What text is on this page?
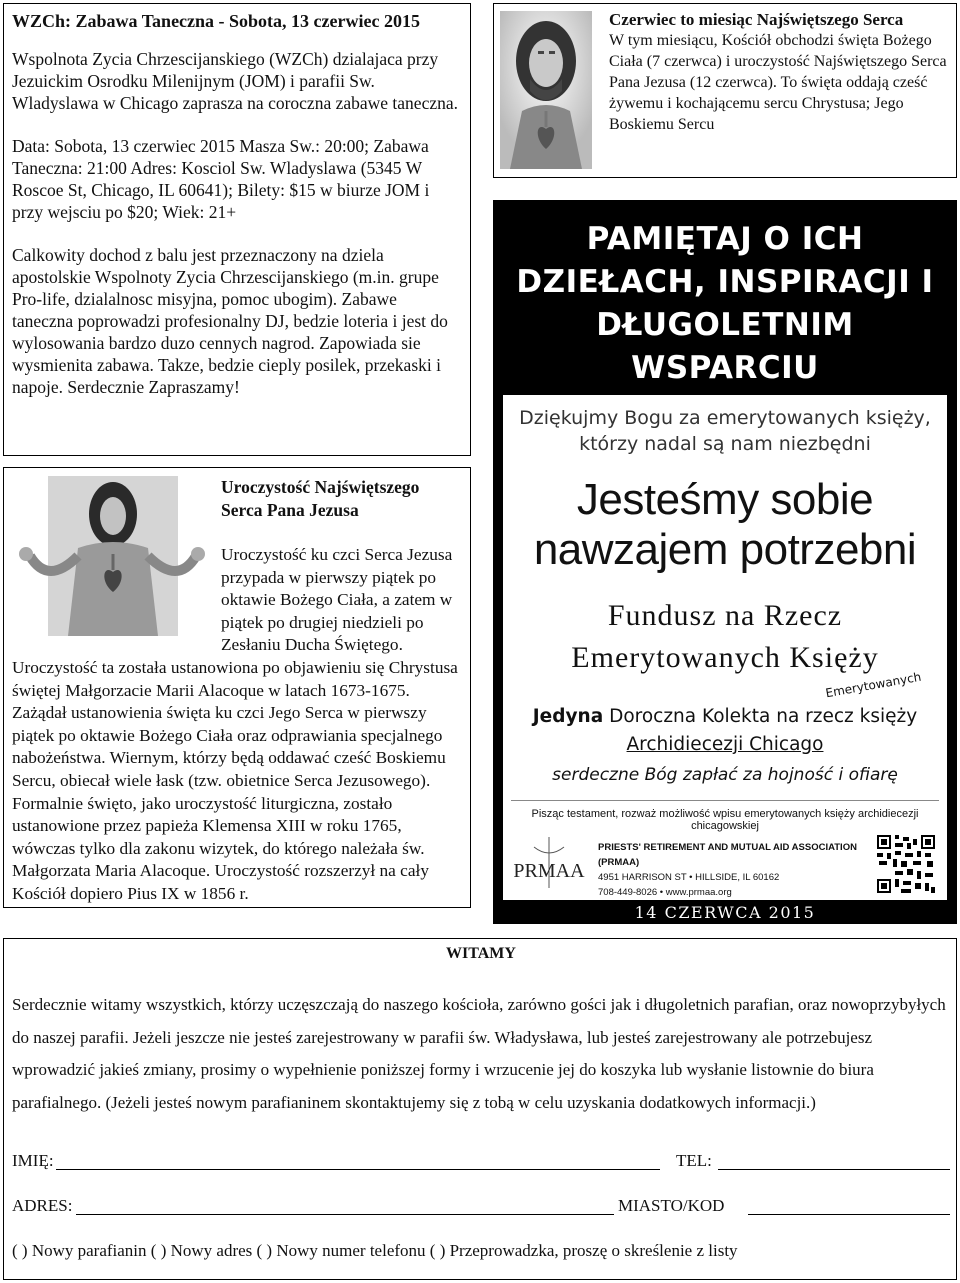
WZCh: Zabawa Taneczna - Sobota, 13 czerwiec 2015

Wspolnota Zycia Chrzescijanskiego (WZCh) dzialajaca przy Jezuickim Osrodku Milenijnym (JOM) i parafii Sw. Wladyslawa w Chicago zaprasza na coroczna zabawe taneczna.

Data: Sobota, 13 czerwiec 2015 Masza Sw.: 20:00; Zabawa Taneczna: 21:00 Adres: Kosciol Sw. Wladyslawa (5345 W Roscoe St, Chicago, IL 60641); Bilety: $15 w biurze JOM i przy wejsciu po $20; Wiek: 21+

Calkowity dochod z balu jest przeznaczony na dziela apostolskie Wspolnoty Zycia Chrzescijanskiego (m.in. grupe Pro-life, dzialalnosc misyjna, pomoc ubogim). Zabawe taneczna poprowadzi profesionalny DJ, bedzie loteria i jest do wylosowania bardzo duzo cennych nagrod. Zapowiada sie wysmienita zabawa. Takze, bedzie cieply posilek, przekaski i napoje. Serdecznie Zapraszamy!

Czerwiec to miesiąc Najświętszego Serca

W tym miesiącu, Kościół obchodzi święta Bożego Ciała (7 czerwca) i uroczystość Najświętszego Serca Pana Jezusa (12 czerwca). To święta oddają cześć żywemu i kochającemu sercu Chrystusa; Jego Boskiemu Sercu

Uroczystość Najświętszego Serca Pana Jezusa

Uroczystość ku czci Serca Jezusa przypada w pierwszy piątek po oktawie Bożego Ciała, a zatem w piątek po drugiej niedzieli po Zesłaniu Ducha Świętego. Uroczystość ta została ustanowiona po objawieniu się Chrystusa świętej Małgorzacie Marii Alacoque w latach 1673-1675. Zażądał ustanowienia święta ku czci Jego Serca w pierwszy piątek po oktawie Bożego Ciała oraz odprawiania specjalnego nabożeństwa. Wiernym, którzy będą oddawać cześć Boskiemu Sercu, obiecał wiele łask (tzw. obietnice Serca Jezusowego). Formalnie święto, jako uroczystość liturgiczna, zostało ustanowione przez papieża Klemensa XIII w roku 1765, wówczas tylko dla zakonu wizytek, do którego należała św. Małgorzata Maria Alacoque. Uroczystość rozszerzył na cały Kościół dopiero Pius IX w 1856 r.

PAMIĘTAJ O ICH
DZIEŁACH, INSPIRACJI I
DŁUGOLETNIM
WSPARCIU
Dziękujmy Bogu za emerytowanych księży,
którzy nadal są nam niezbędni
Jesteśmy sobie
nawzajem potrzebni
Fundusz na Rzecz
Emerytowanych Księży
Emerytowanych
Jedyna Doroczna Kolekta na rzecz księży
Archidiecezji Chicago
serdeczne Bóg zapłać za hojność i ofiarę
Pisząc testament, rozważ możliwość wpisu emerytowanych księży archidiecezji chicagowskiej
PRMAA
PRIESTS' RETIREMENT AND MUTUAL AID ASSOCIATION (PRMAA)
4951 HARRISON ST • HILLSIDE, IL 60162
708-449-8026 • www.prmaa.org
14 CZERWCA 2015
WITAMY

Serdecznie witamy wszystkich, którzy uczęszczają do naszego kościoła, zarówno gości jak i długoletnich parafian, oraz nowoprzybyłych do naszej parafii. Jeżeli jeszcze nie jesteś zarejestrowany w parafii św. Władysława, lub jesteś zarejestrowany ale potrzebujesz wprowadzić jakieś zmiany, prosimy o wypełnienie poniższej formy i wrzucenie jej do koszyka lub wysłanie listownie do biura parafialnego. (Jeżeli jesteś nowym parafianinem skontaktujemy się z tobą w celu uzyskania dodatkowych informacji.)

IMIĘ:	TEL:
ADRES:	MIASTO/KOD
( ) Nowy parafianin ( ) Nowy adres ( ) Nowy numer telefonu ( ) Przeprowadzka, proszę o skreślenie z listy
